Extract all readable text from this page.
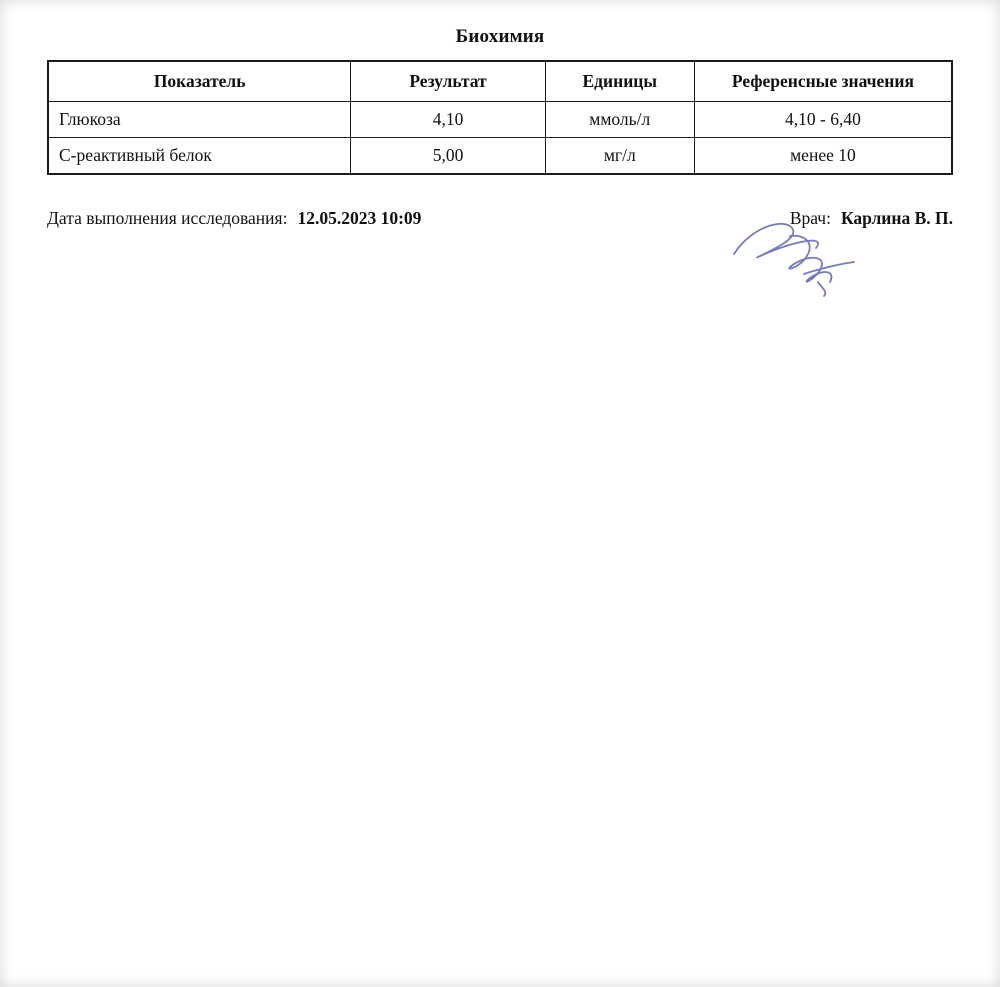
Биохимия
Показатель	Результат	Единицы	Референсные значения
Глюкоза	4,10	ммоль/л	4,10 - 6,40
С-реактивный белок	5,00	мг/л	менее 10
Дата выполнения исследования: 12.05.2023 10:09	Врач: Карлина В. П.
